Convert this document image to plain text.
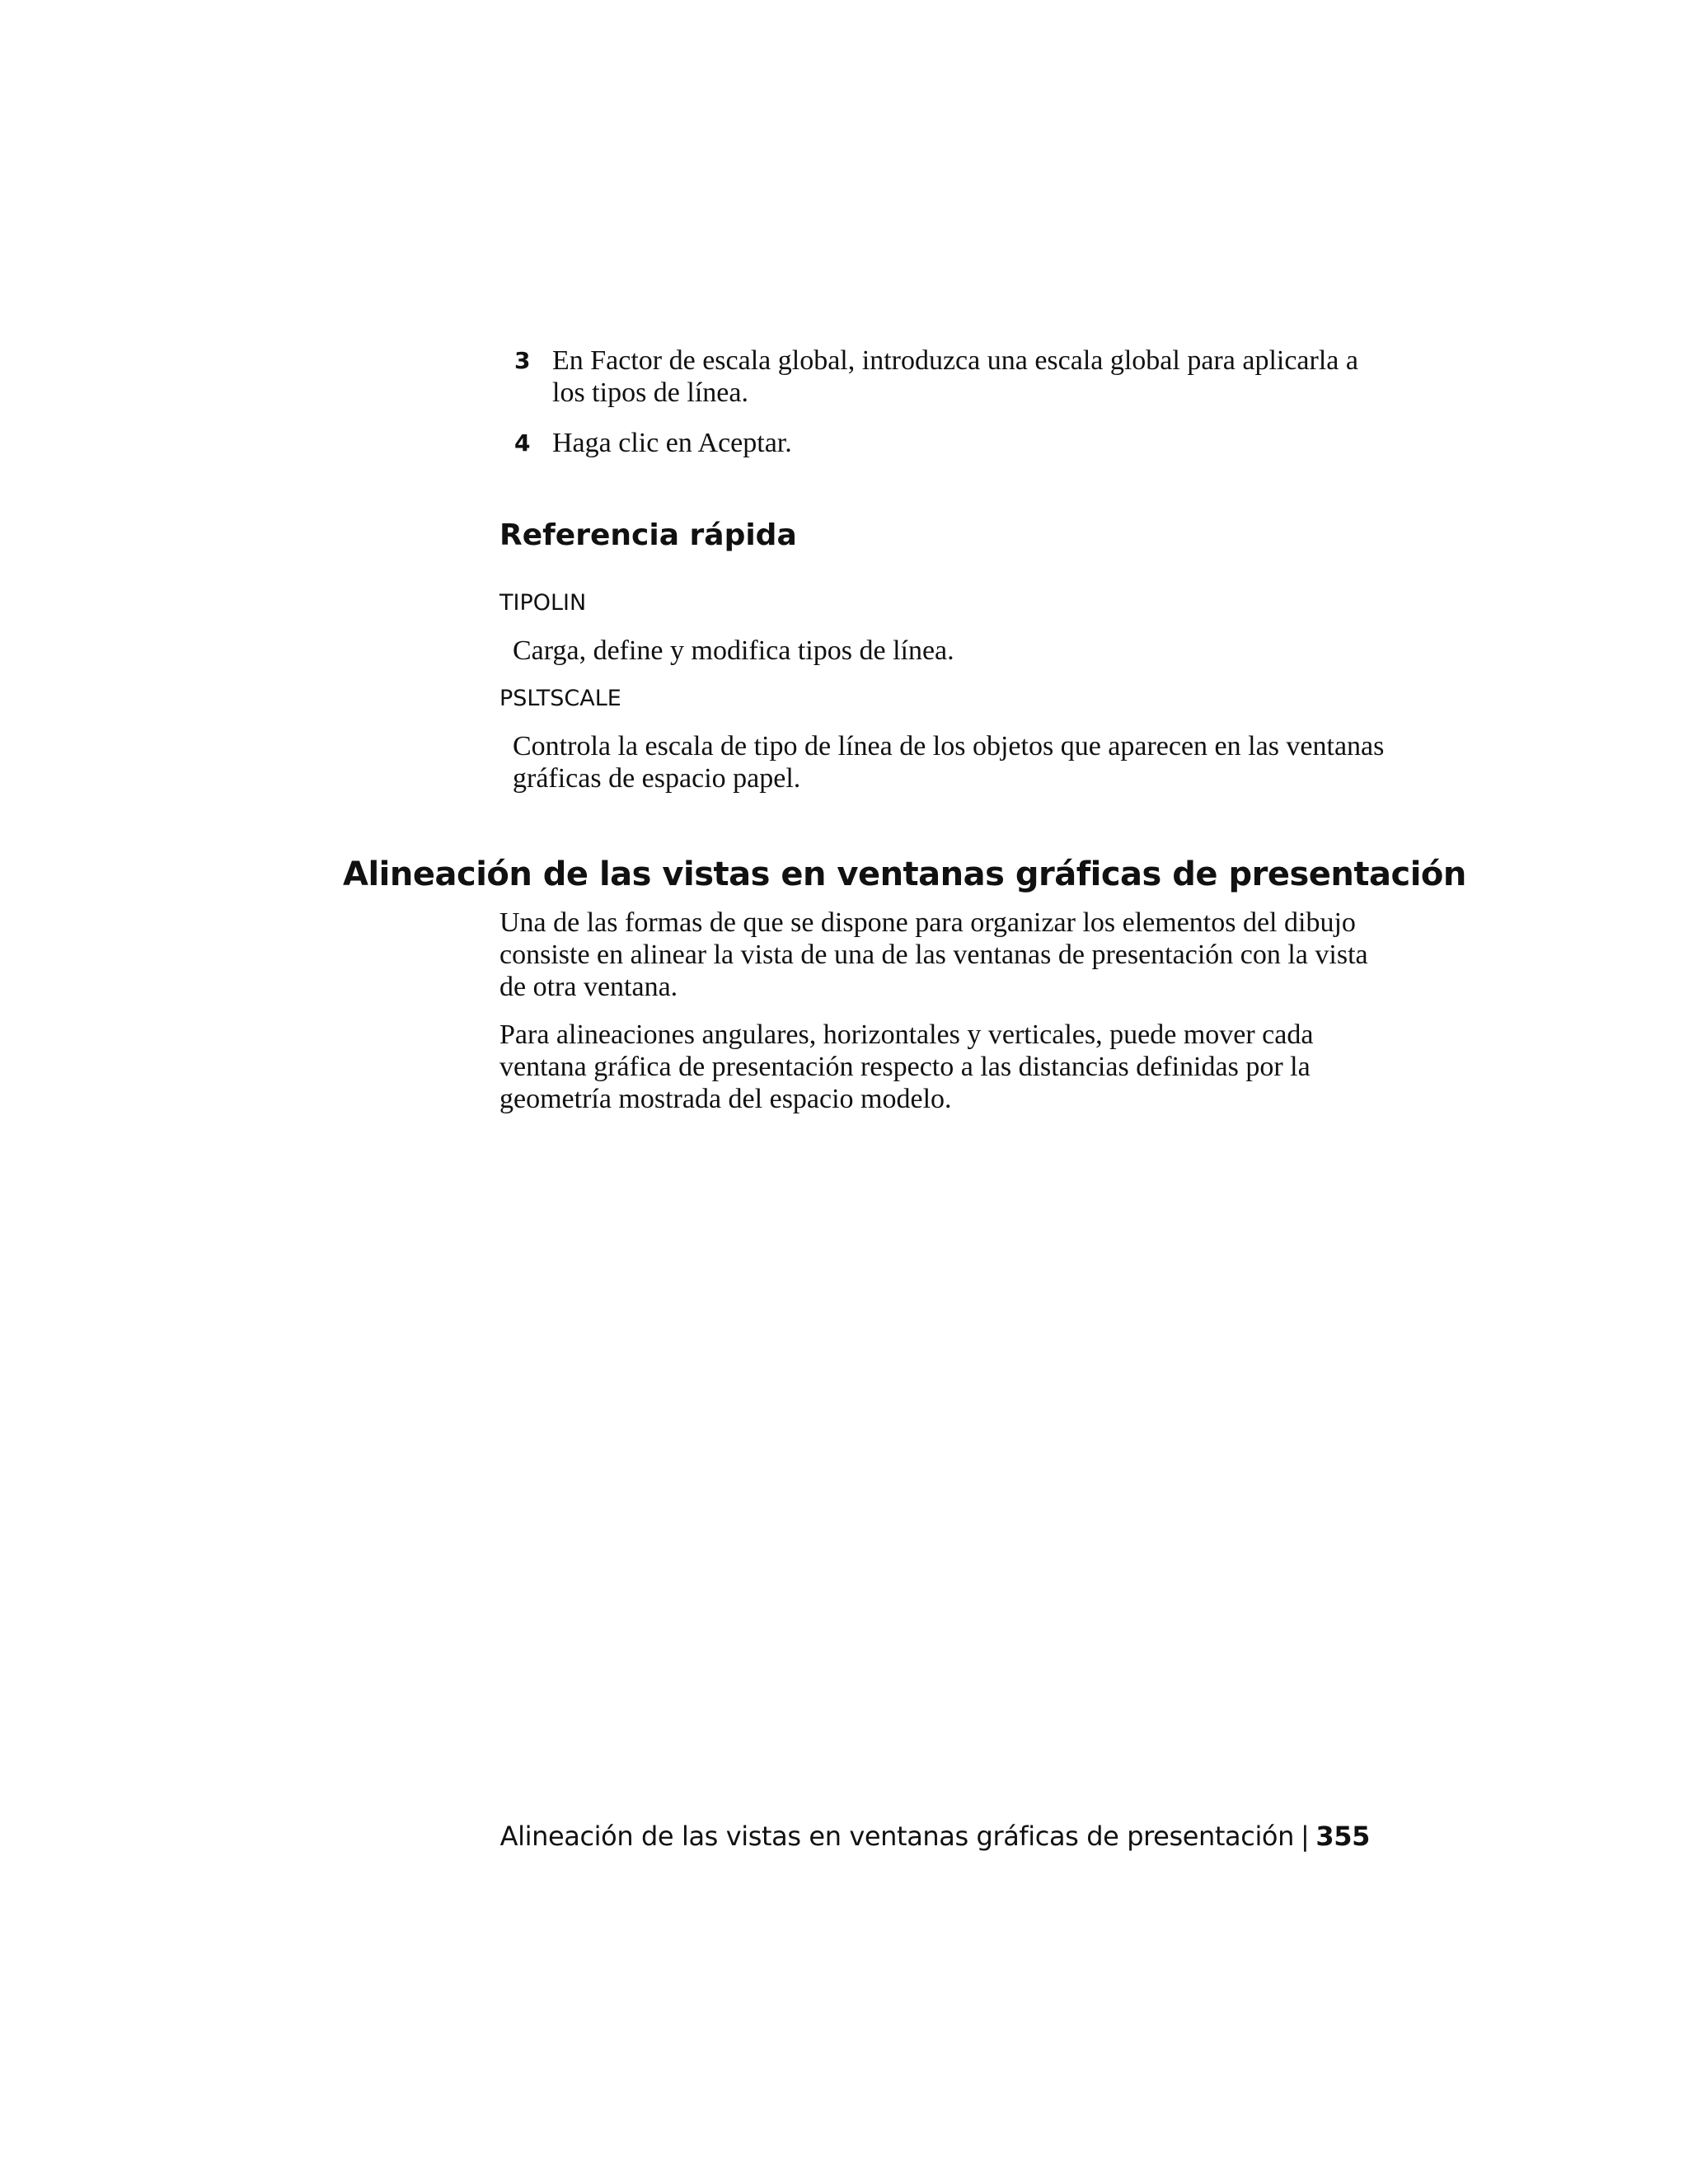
3 En Factor de escala global, introduzca una escala global para aplicarla a los tipos de línea.
4 Haga clic en Aceptar.
Referencia rápida

TIPOLIN

Carga, define y modifica tipos de línea.

PSLTSCALE

Controla la escala de tipo de línea de los objetos que aparecen en las ventanas gráficas de espacio papel.

Alineación de las vistas en ventanas gráficas de presentación

Una de las formas de que se dispone para organizar los elementos del dibujo consiste en alinear la vista de una de las ventanas de presentación con la vista de otra ventana.

Para alineaciones angulares, horizontales y verticales, puede mover cada ventana gráfica de presentación respecto a las distancias definidas por la geometría mostrada del espacio modelo.

Alineación de las vistas en ventanas gráficas de presentación | 355
